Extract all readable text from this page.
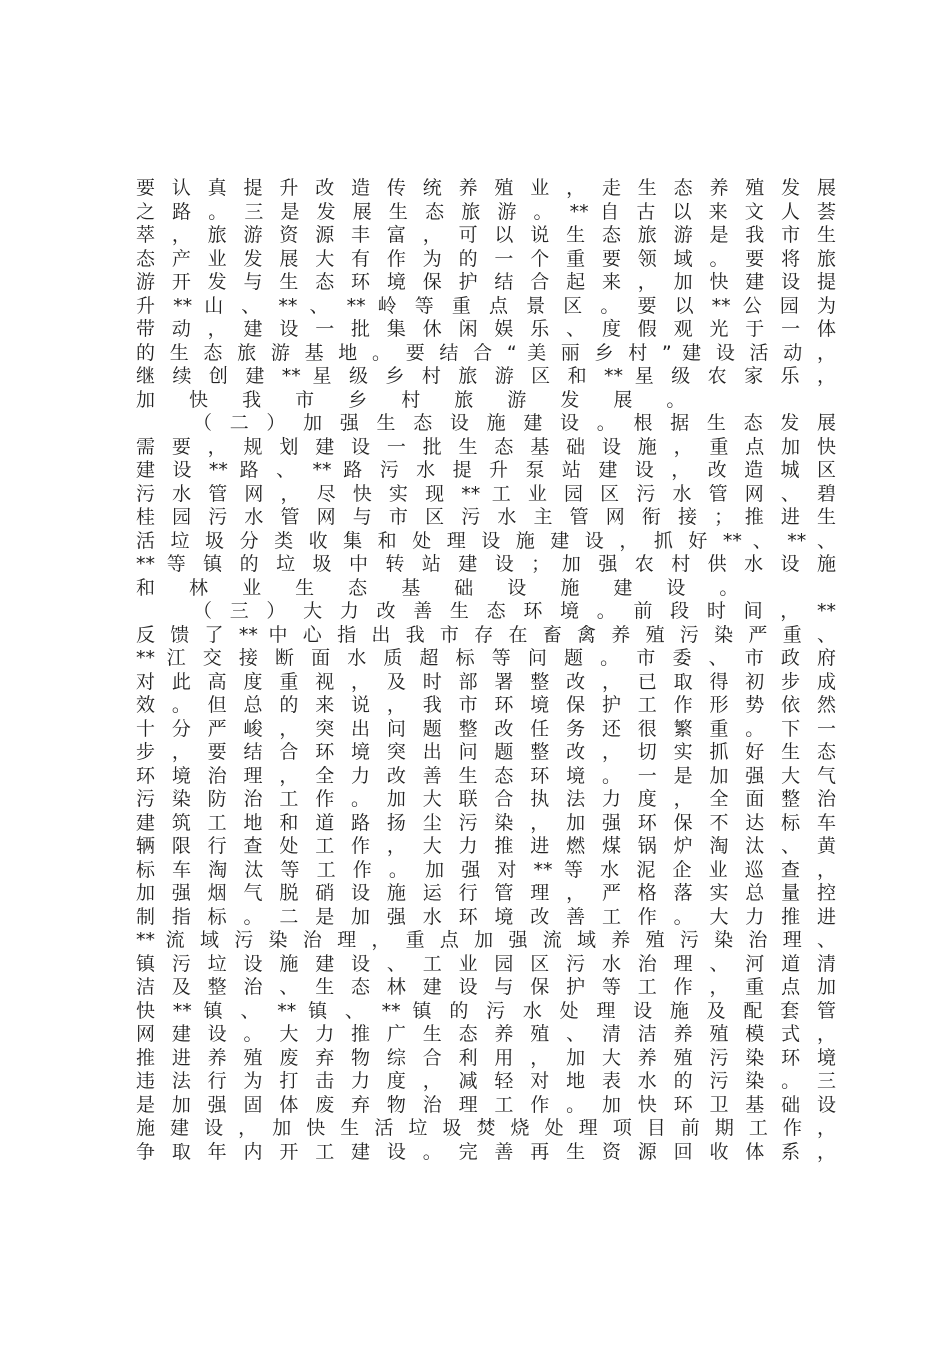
要 认 真 提 升 改 造 传 统 养 殖 业 ， 走 生 态 养 殖 发 展
之 路 。 三 是 发 展 生 态 旅 游 。 ** 自 古 以 来 文 人 荟
萃 ， 旅 游 资 源 丰 富 ， 可 以 说 生 态 旅 游 是 我 市 生
态 产 业 发 展 大 有 作 为 的 一 个 重 要 领 域 。 要 将 旅
游 开 发 与 生 态 环 境 保 护 结 合 起 来 ， 加 快 建 设 提
升 ** 山 、 ** 、 ** 岭 等 重 点 景 区 。 要 以 ** 公 园 为
带 动 ， 建 设 一 批 集 休 闲 娱 乐 、 度 假 观 光 于 一 体
的 生 态 旅 游 基 地 。 要 结 合 “ 美 丽 乡 村 ” 建 设 活 动 ，
继 续 创 建 ** 星 级 乡 村 旅 游 区 和 ** 星 级 农 家 乐 ，
加 快 我 市 乡 村 旅 游 发 展 。
（ 二 ） 加 强 生 态 设 施 建 设 。 根 据 生 态 发 展
需 要 ， 规 划 建 设 一 批 生 态 基 础 设 施 ， 重 点 加 快
建 设 ** 路 、 ** 路 污 水 提 升 泵 站 建 设 ， 改 造 城 区
污 水 管 网 ， 尽 快 实 现 ** 工 业 园 区 污 水 管 网 、 碧
桂 园 污 水 管 网 与 市 区 污 水 主 管 网 衔 接 ； 推 进 生
活 垃 圾 分 类 收 集 和 处 理 设 施 建 设 ， 抓 好 ** 、 ** 、
** 等 镇 的 垃 圾 中 转 站 建 设 ； 加 强 农 村 供 水 设 施
和 林 业 生 态 基 础 设 施 建 设 。
（ 三 ） 大 力 改 善 生 态 环 境 。 前 段 时 间 ， **
反 馈 了 ** 中 心 指 出 我 市 存 在 畜 禽 养 殖 污 染 严 重 、
** 江 交 接 断 面 水 质 超 标 等 问 题 。 市 委 、 市 政 府
对 此 高 度 重 视 ， 及 时 部 署 整 改 ， 已 取 得 初 步 成
效 。 但 总 的 来 说 ， 我 市 环 境 保 护 工 作 形 势 依 然
十 分 严 峻 ， 突 出 问 题 整 改 任 务 还 很 繁 重 。 下 一
步 ， 要 结 合 环 境 突 出 问 题 整 改 ， 切 实 抓 好 生 态
环 境 治 理 ， 全 力 改 善 生 态 环 境 。 一 是 加 强 大 气
污 染 防 治 工 作 。 加 大 联 合 执 法 力 度 ， 全 面 整 治
建 筑 工 地 和 道 路 扬 尘 污 染 ， 加 强 环 保 不 达 标 车
辆 限 行 查 处 工 作 ， 大 力 推 进 燃 煤 锅 炉 淘 汰 、 黄
标 车 淘 汰 等 工 作 。 加 强 对 ** 等 水 泥 企 业 巡 查 ，
加 强 烟 气 脱 硝 设 施 运 行 管 理 ， 严 格 落 实 总 量 控
制 指 标 。 二 是 加 强 水 环 境 改 善 工 作 。 大 力 推 进
** 流 域 污 染 治 理 ， 重 点 加 强 流 域 养 殖 污 染 治 理 、
镇 污 垃 设 施 建 设 、 工 业 园 区 污 水 治 理 、 河 道 清
洁 及 整 治 、 生 态 林 建 设 与 保 护 等 工 作 ， 重 点 加
快 ** 镇 、 ** 镇 、 ** 镇 的 污 水 处 理 设 施 及 配 套 管
网 建 设 。 大 力 推 广 生 态 养 殖 、 清 洁 养 殖 模 式 ，
推 进 养 殖 废 弃 物 综 合 利 用 ， 加 大 养 殖 污 染 环 境
违 法 行 为 打 击 力 度 ， 减 轻 对 地 表 水 的 污 染 。 三
是 加 强 固 体 废 弃 物 治 理 工 作 。 加 快 环 卫 基 础 设
施 建 设 ， 加 快 生 活 垃 圾 焚 烧 处 理 项 目 前 期 工 作 ，
争 取 年 内 开 工 建 设 。 完 善 再 生 资 源 回 收 体 系 ，
